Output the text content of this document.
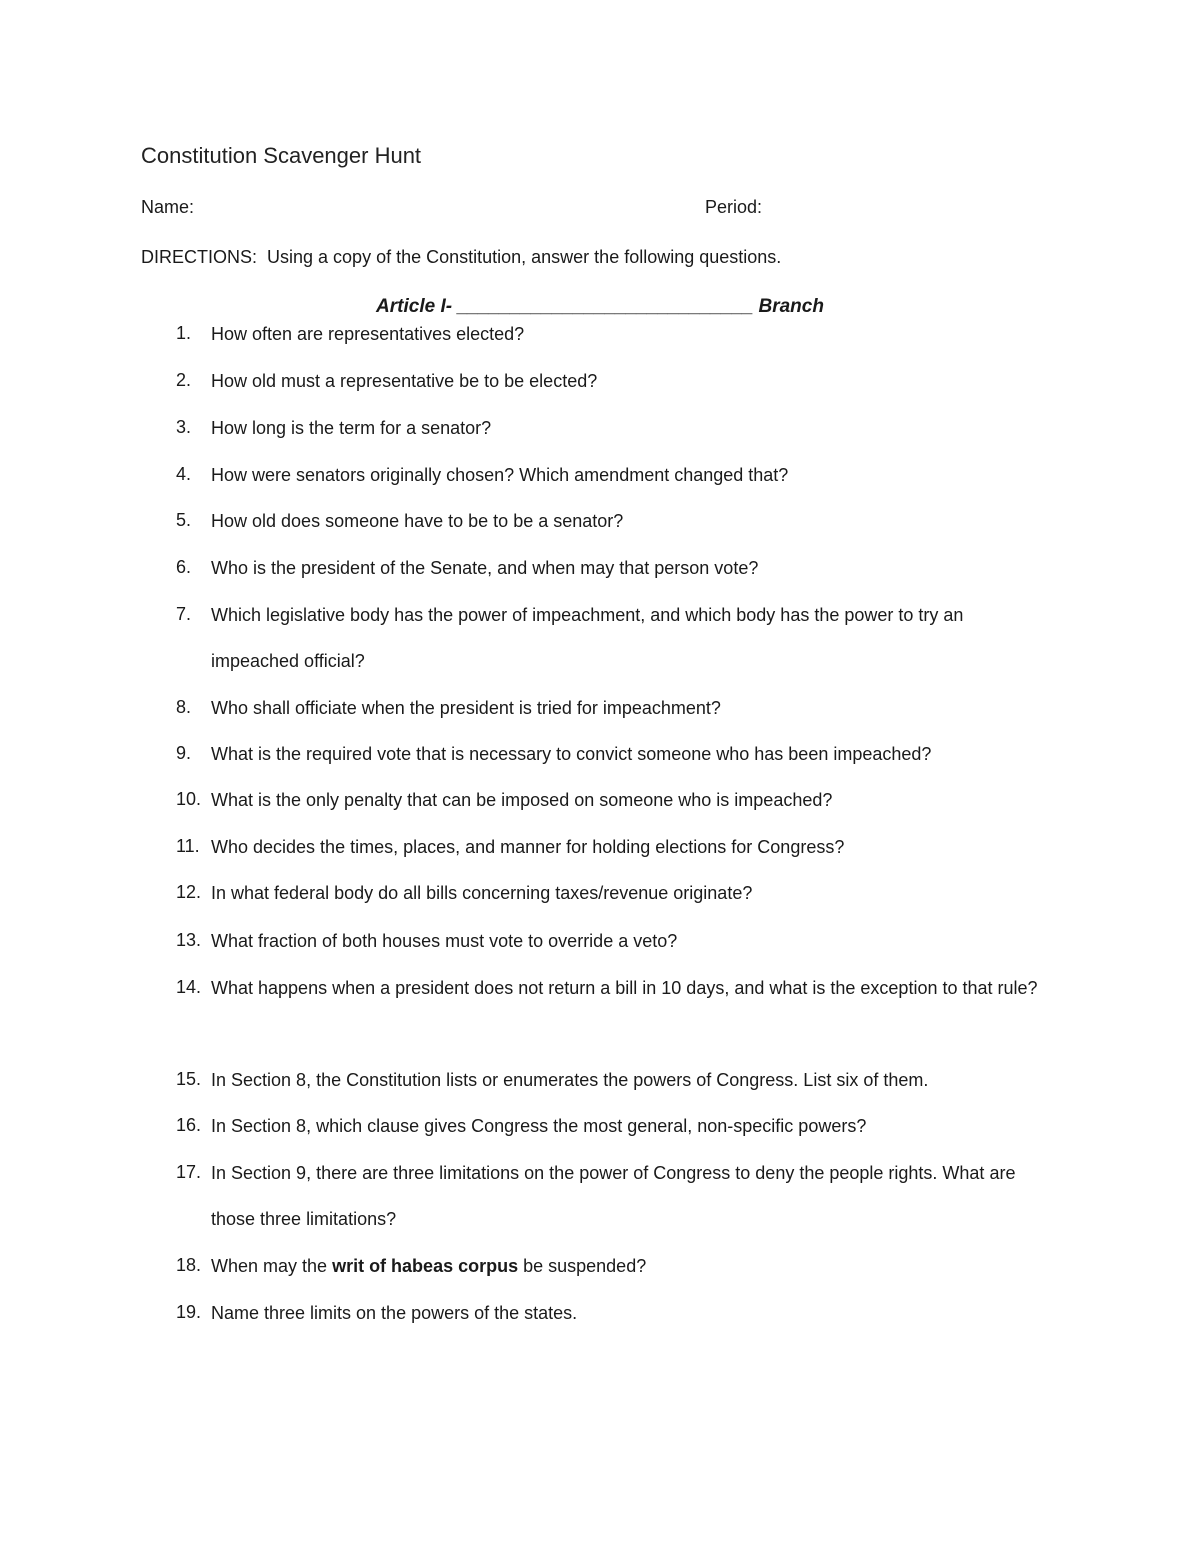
Constitution Scavenger Hunt
Name:	Period:
DIRECTIONS:  Using a copy of the Constitution, answer the following questions.
Article I- ____________________________ Branch
1.	How often are representatives elected?
2.	How old must a representative be to be elected?
3.	How long is the term for a senator?
4.	How were senators originally chosen? Which amendment changed that?
5.	How old does someone have to be to be a senator?
6.	Who is the president of the Senate, and when may that person vote?
7.	Which legislative body has the power of impeachment, and which body has the power to try an impeached official?
8.	Who shall officiate when the president is tried for impeachment?
9.	What is the required vote that is necessary to convict someone who has been impeached?
10. What is the only penalty that can be imposed on someone who is impeached?
11. Who decides the times, places, and manner for holding elections for Congress?
12. In what federal body do all bills concerning taxes/revenue originate?
13. What fraction of both houses must vote to override a veto?
14. What happens when a president does not return a bill in 10 days, and what is the exception to that rule?
15. In Section 8, the Constitution lists or enumerates the powers of Congress. List six of them.
16. In Section 8, which clause gives Congress the most general, non-specific powers?
17. In Section 9, there are three limitations on the power of Congress to deny the people rights. What are those three limitations?
18. When may the writ of habeas corpus be suspended?
19. Name three limits on the powers of the states.
